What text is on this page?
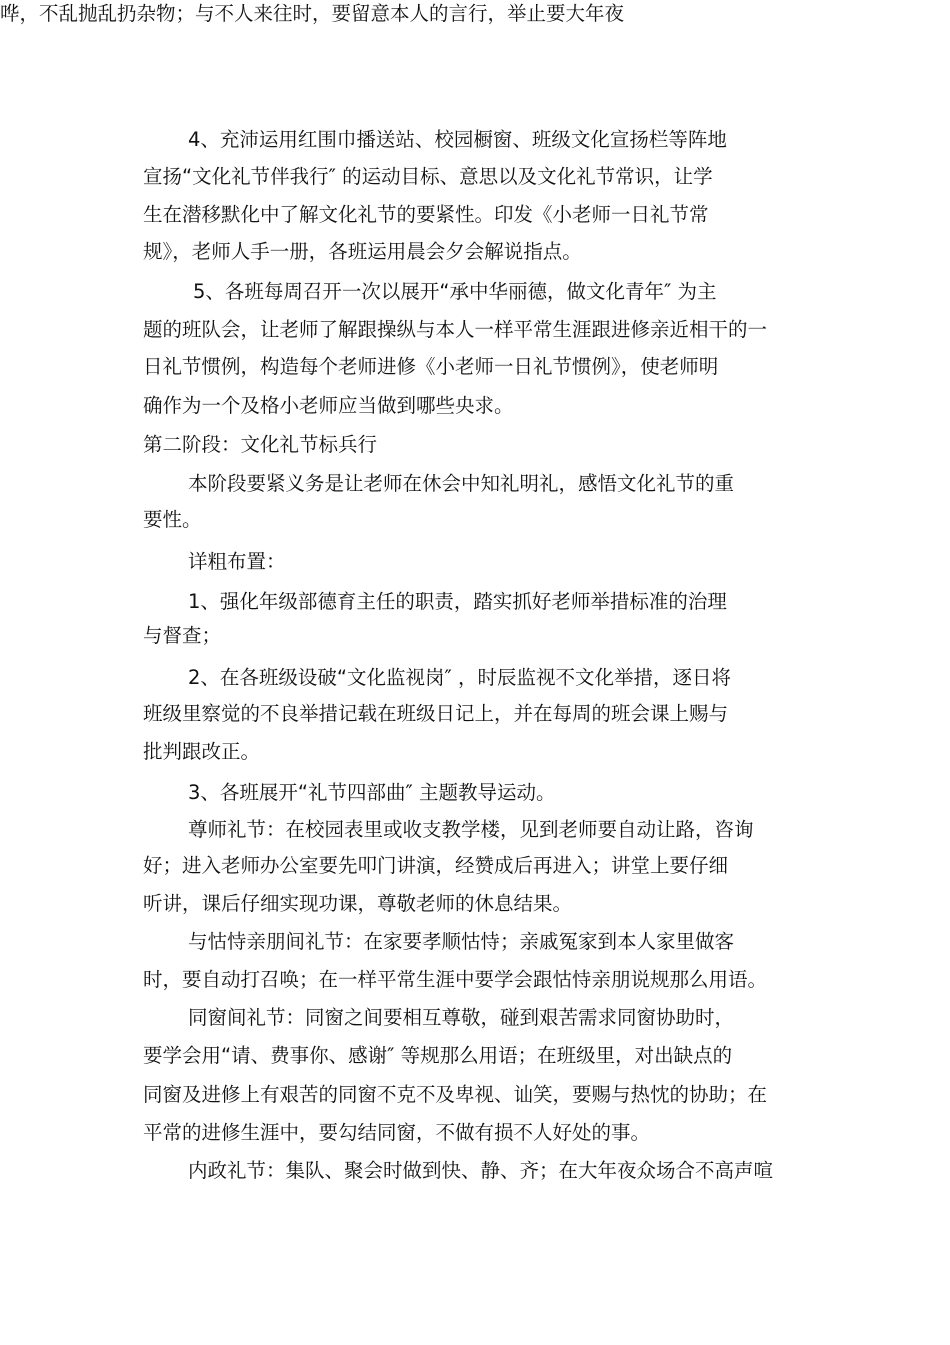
哗，不乱抛乱扔杂物；与不人来往时，要留意本人的言行，举止要大年夜
4、充沛运用红围巾播送站、校园橱窗、班级文化宣扬栏等阵地
宣扬“文化礼节伴我行″ 的运动目标、意思以及文化礼节常识，让学
生在潜移默化中了解文化礼节的要紧性。印发《小老师一日礼节常
规》，老师人手一册，各班运用晨会夕会解说指点。
5、各班每周召开一次以展开“承中华丽德，做文化青年″ 为主
题的班队会，让老师了解跟操纵与本人一样平常生涯跟进修亲近相干的一
日礼节惯例，构造每个老师进修《小老师一日礼节惯例》，使老师明
确作为一个及格小老师应当做到哪些央求。
第二阶段：文化礼节标兵行
本阶段要紧义务是让老师在休会中知礼明礼，感悟文化礼节的重
要性。
详粗布置：
1、强化年级部德育主任的职责，踏实抓好老师举措标准的治理
与督查；
2、在各班级设破“文化监视岗″ ，时辰监视不文化举措，逐日将
班级里察觉的不良举措记载在班级日记上，并在每周的班会课上赐与
批判跟改正。
3、各班展开“礼节四部曲″ 主题教导运动。
尊师礼节：在校园表里或收支教学楼，见到老师要自动让路，咨询
好；进入老师办公室要先叩门讲演，经赞成后再进入；讲堂上要仔细
听讲，课后仔细实现功课，尊敬老师的休息结果。
与怙恃亲朋间礼节：在家要孝顺怙恃；亲戚冤家到本人家里做客
时，要自动打召唤；在一样平常生涯中要学会跟怙恃亲朋说规那么用语。
同窗间礼节：同窗之间要相互尊敬，碰到艰苦需求同窗协助时，
要学会用“请、费事你、感谢″ 等规那么用语；在班级里，对出缺点的
同窗及进修上有艰苦的同窗不克不及卑视、讪笑，要赐与热忱的协助；在
平常的进修生涯中，要勾结同窗，不做有损不人好处的事。
内政礼节：集队、聚会时做到快、静、齐；在大年夜众场合不高声喧
